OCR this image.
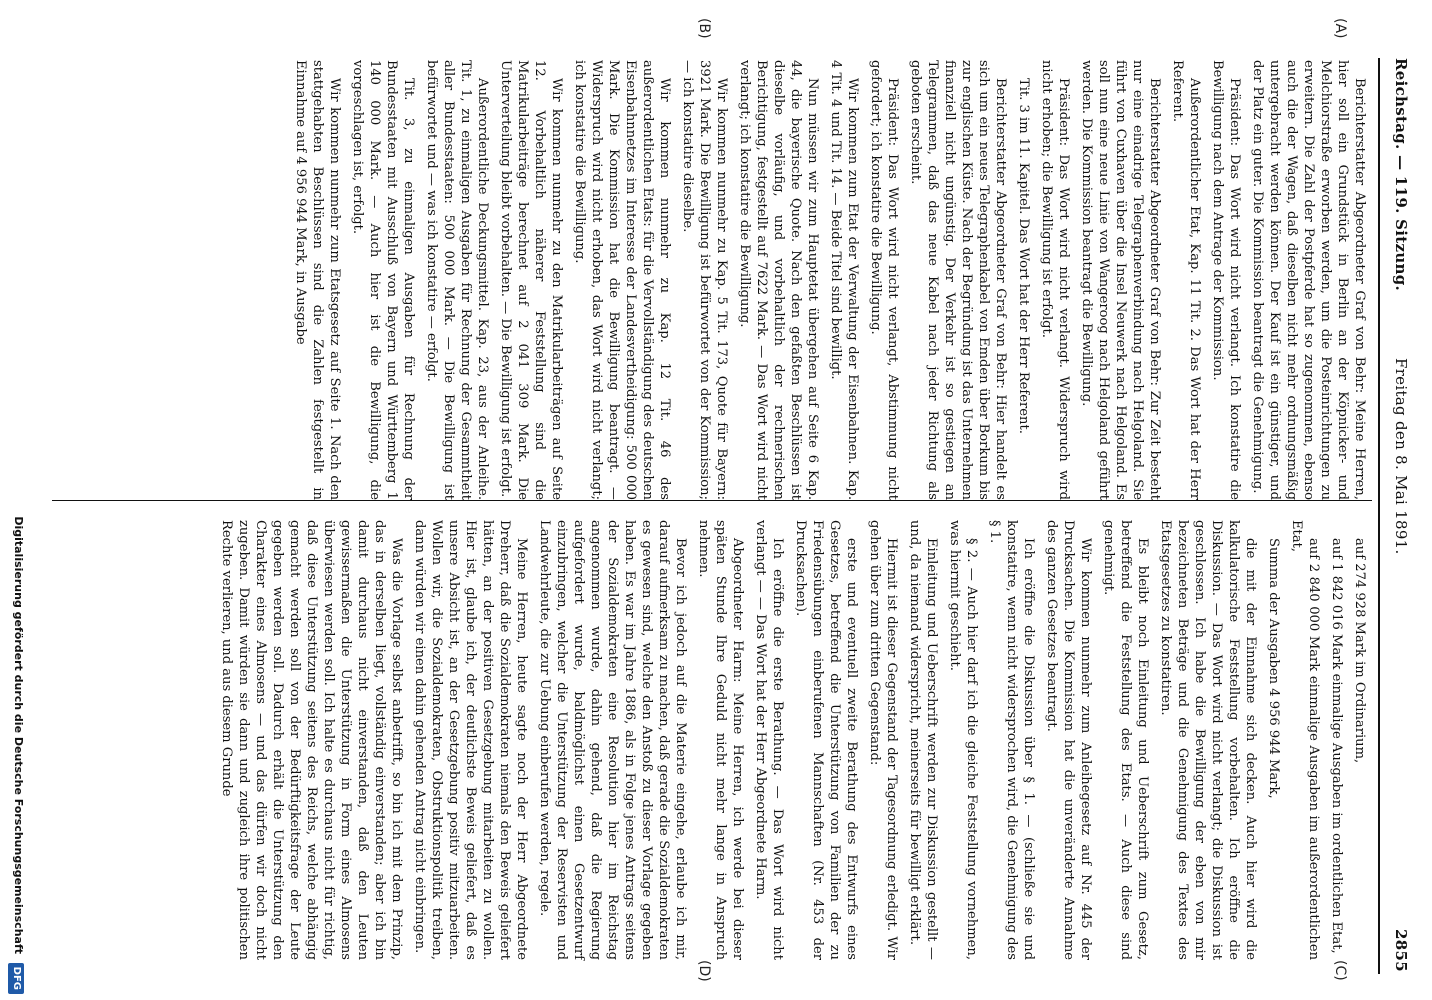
Reichstag. — 119. Sitzung.
Freitag den 8. Mai 1891.
2855
(A)
(B)
(C)
(D)

Berichterstatter Abgeordneter Graf von Behr: Meine Herren, hier soll ein Grundstück in Berlin an der Köpnicker- und Melchiorstraße erworben werden, um die Posteinrichtungen zu erweitern. Die Zahl der Postpferde hat so zugenommen, ebenso auch die der Wagen, daß dieselben nicht mehr ordnungsmäßig untergebracht werden können. Der Kauf ist ein günstiger, und der Platz ein guter. Die Kommission beantragt die Genehmigung.

Präsident: Das Wort wird nicht verlangt. Ich konstatire die Bewilligung nach dem Antrage der Kommission.

Außerordentlicher Etat, Kap. 11 Tit. 2. Das Wort hat der Herr Referent.

Berichterstatter Abgeordneter Graf von Behr: Zur Zeit besteht nur eine einadrige Telegraphenverbindung nach Helgoland. Sie führt von Cuxhaven über die Insel Neuwerk nach Helgoland. Es soll nun eine neue Linie von Wangeroog nach Helgoland geführt werden. Die Kommission beantragt die Bewilligung.

Präsident: Das Wort wird nicht verlangt. Widerspruch wird nicht erhoben; die Bewilligung ist erfolgt.

Tit. 3 im 11. Kapitel. Das Wort hat der Herr Referent.

Berichterstatter Abgeordneter Graf von Behr: Hier handelt es sich um ein neues Telegraphenkabel von Emden über Borkum bis zur englischen Küste. Nach der Begründung ist das Unternehmen finanziell nicht ungünstig. Der Verkehr ist so gestiegen an Telegrammen, daß das neue Kabel nach jeder Richtung als geboten erscheint.

Präsident: Das Wort wird nicht verlangt, Abstimmung nicht gefordert; ich konstatire die Bewilligung.

Wir kommen zum Etat der Verwaltung der Eisenbahnen. Kap. 4 Tit. 4 und Tit. 14. — Beide Titel sind bewilligt.

Nun müssen wir zum Hauptetat übergehen auf Seite 6 Kap. 44, die bayerische Quote. Nach den gefaßten Beschlüssen ist dieselbe vorläufig, und vorbehaltlich der rechnerischen Berichtigung, festgestellt auf 7622 Mark. — Das Wort wird nicht verlangt; ich konstatire die Bewilligung.

Wir kommen nunmehr zu Kap. 5 Tit. 173, Quote für Bayern: 3921 Mark. Die Bewilligung ist befürwortet von der Kommission; — ich konstatire dieselbe.

Wir kommen nunmehr zu Kap. 12 Tit. 46 des außerordentlichen Etats: für die Vervollständigung des deutschen Eisenbahnnetzes im Interesse der Landesvertheidigung: 500 000 Mark. Die Kommission hat die Bewilligung beantragt. — Widerspruch wird nicht erhoben, das Wort wird nicht verlangt; ich konstatire die Bewilligung.

Wir kommen nunmehr zu den Matrikularbeiträgen auf Seite 12. Vorbehaltlich näherer Feststellung sind die Matrikularbeiträge berechnet auf 2 041 309 Mark. Die Unterverteilung bleibt vorbehalten. — Die Bewilligung ist erfolgt.

Außerordentliche Deckungsmittel. Kap. 23, aus der Anleihe. Tit. 1, zu einmaligen Ausgaben für Rechnung der Gesammtheit aller Bundesstaaten: 500 000 Mark. — Die Bewilligung ist befürwortet und — was ich konstatire — erfolgt.

Tit. 3, zu einmaligen Ausgaben für Rechnung der Bundesstaaten mit Ausschluß von Bayern und Württemberg 1 140 000 Mark. — Auch hier ist die Bewilligung, die vorgeschlagen ist, erfolgt.

Wir kommen nunmehr zum Etatsgesetz auf Seite 1. Nach den stattgehabten Beschlüssen sind die Zahlen festgestellt in Einnahme auf 4 956 944 Mark, in Ausgabe

auf 274 928 Mark im Ordinarium,

auf 1 842 016 Mark einmalige Ausgaben im ordentlichen Etat,

auf 2 840 000 Mark einmalige Ausgaben im außerordentlichen Etat,

Summa der Ausgaben 4 956 944 Mark,

die mit der Einnahme sich decken. Auch hier wird die kalkulatorische Feststellung vorbehalten. Ich eröffne die Diskussion. — Das Wort wird nicht verlangt; die Diskussion ist geschlossen. Ich habe die Bewilligung der eben von mir bezeichneten Beträge und die Genehmigung des Textes des Etatsgesetzes zu konstatiren.

Es bleibt noch Einleitung und Ueberschrift zum Gesetz, betreffend die Feststellung des Etats. — Auch diese sind genehmigt.

Wir kommen nunmehr zum Anleihegesetz auf Nr. 445 der Drucksachen. Die Kommission hat die unveränderte Annahme des ganzen Gesetzes beantragt.

Ich eröffne die Diskussion über § 1. — (schließe sie und konstatire, wenn nicht widersprochen wird, die Genehmigung des § 1.

§ 2. — Auch hier darf ich die gleiche Feststellung vornehmen, was hiermit geschieht.

Einleitung und Ueberschrift werden zur Diskussion gestellt — und, da niemand widerspricht, meinerseits für bewilligt erklärt.

Hiermit ist dieser Gegenstand der Tagesordnung erledigt. Wir gehen über zum dritten Gegenstand:

erste und eventuell zweite Berathung des Entwurfs eines Gesetzes, betreffend die Unterstützung von Familien der zu Friedensübungen einberufenen Mannschaften (Nr. 453 der Drucksachen).

Ich eröffne die erste Berathung. — Das Wort wird nicht verlangt — — Das Wort hat der Herr Abgeordnete Harm.

Abgeordneter Harm: Meine Herren, ich werde bei dieser späten Stunde Ihre Geduld nicht mehr lange in Anspruch nehmen.

Bevor ich jedoch auf die Materie eingehe, erlaube ich mir, darauf aufmerksam zu machen, daß gerade die Sozialdemokraten es gewesen sind, welche den Anstoß zu dieser Vorlage gegeben haben. Es war im Jahre 1886, als in Folge jenes Antrags seitens der Sozialdemokraten eine Resolution hier im Reichstag angenommen wurde, dahin gehend, daß die Regierung aufgefordert wurde, baldmöglichst einen Gesetzentwurf einzubringen, welcher die Unterstützung der Reservisten und Landwehrleute, die zur Uebung einberufen werden, regele.

Meine Herren, heute sagte noch der Herr Abgeordnete Dreherr, daß die Sozialdemokraten niemals den Beweis geliefert hätten, an der positiven Gesetzgebung mitarbeiten zu wollen. Hier ist, glaube ich, der deutlichste Beweis geliefert, daß es unsere Absicht ist, an der Gesetzgebung positiv mitzuarbeiten. Wollen wir, die Sozialdemokraten, Obstruktionspolitik treiben, dann würden wir einen dahin gehenden Antrag nicht einbringen.

Was die Vorlage selbst anbetrifft, so bin ich mit dem Prinzip, das in derselben liegt, vollständig einverstanden; aber ich bin damit durchaus nicht einverstanden, daß den Leuten gewissermaßen die Unterstützung in Form eines Almosens überwiesen werden soll. Ich halte es durchaus nicht für richtig, daß diese Unterstützung seitens des Reichs, welche abhängig gemacht werden soll von der Bedürftigkeitsfrage der Leute gegeben werden soll. Dadurch erhält die Unterstützung den Charakter eines Almosens — und das dürfen wir doch nicht zugeben. Damit würden sie dann und zugleich ihre politischen Rechte verlieren, und aus diesem Grunde

Digitalisierung gefördert durch die Deutsche Forschungsgemeinschaft
DFG
